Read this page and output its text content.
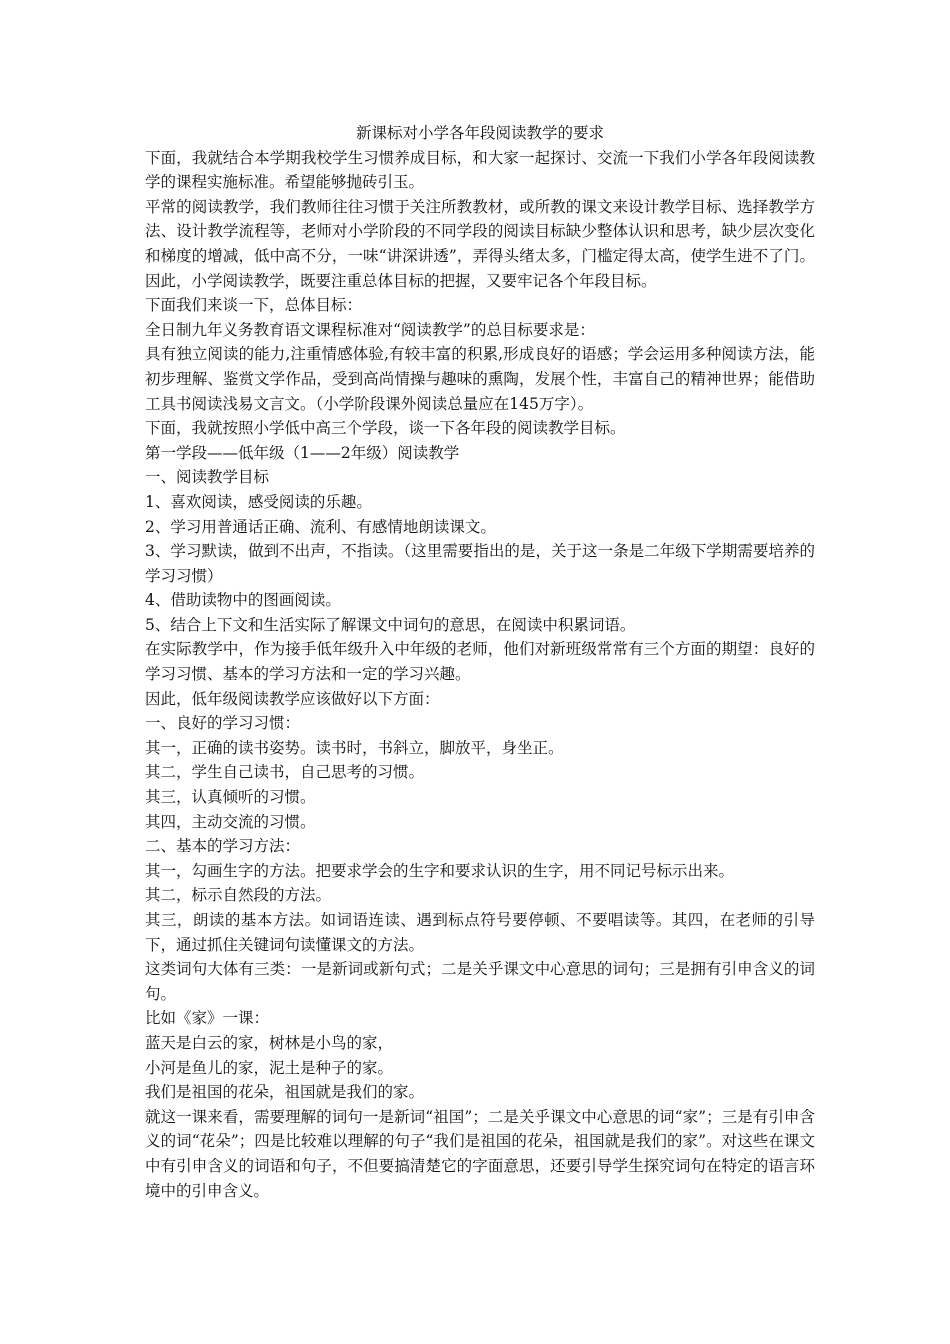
新课标对小学各年段阅读教学的要求

下面，我就结合本学期我校学生习惯养成目标，和大家一起探讨、交流一下我们小学各年段阅读教学的课程实施标准。希望能够抛砖引玉。

平常的阅读教学，我们教师往往习惯于关注所教教材，或所教的课文来设计教学目标、选择教学方法、设计教学流程等，老师对小学阶段的不同学段的阅读目标缺少整体认识和思考，缺少层次变化和梯度的增减，低中高不分，一味“讲深讲透”，弄得头绪太多，门槛定得太高，使学生进不了门。因此，小学阅读教学，既要注重总体目标的把握，又要牢记各个年段目标。

下面我们来谈一下，总体目标：

全日制九年义务教育语文课程标准对“阅读教学”的总目标要求是：

具有独立阅读的能力,注重情感体验,有较丰富的积累,形成良好的语感；学会运用多种阅读方法，能初步理解、鉴赏文学作品，受到高尚情操与趣味的熏陶，发展个性，丰富自己的精神世界；能借助工具书阅读浅易文言文。（小学阶段课外阅读总量应在145万字）。

下面，我就按照小学低中高三个学段，谈一下各年段的阅读教学目标。

第一学段——低年级（1——2年级）阅读教学

一、阅读教学目标

1、喜欢阅读，感受阅读的乐趣。

2、学习用普通话正确、流利、有感情地朗读课文。

3、学习默读，做到不出声，不指读。（这里需要指出的是，关于这一条是二年级下学期需要培养的学习习惯）

4、借助读物中的图画阅读。

5、结合上下文和生活实际了解课文中词句的意思，在阅读中积累词语。

在实际教学中，作为接手低年级升入中年级的老师，他们对新班级常常有三个方面的期望：良好的学习习惯、基本的学习方法和一定的学习兴趣。

因此，低年级阅读教学应该做好以下方面：

一、良好的学习习惯：

其一，正确的读书姿势。读书时，书斜立，脚放平，身坐正。

其二，学生自己读书，自己思考的习惯。

其三，认真倾听的习惯。

其四，主动交流的习惯。

二、基本的学习方法：

其一，勾画生字的方法。把要求学会的生字和要求认识的生字，用不同记号标示出来。

其二，标示自然段的方法。

其三，朗读的基本方法。如词语连读、遇到标点符号要停顿、不要唱读等。其四，在老师的引导下，通过抓住关键词句读懂课文的方法。

这类词句大体有三类：一是新词或新句式；二是关乎课文中心意思的词句；三是拥有引申含义的词句。

比如《家》一课：

蓝天是白云的家，树林是小鸟的家，

小河是鱼儿的家，泥土是种子的家。

我们是祖国的花朵，祖国就是我们的家。

就这一课来看，需要理解的词句一是新词“祖国”；二是关乎课文中心意思的词“家”；三是有引申含义的词“花朵”；四是比较难以理解的句子“我们是祖国的花朵，祖国就是我们的家”。对这些在课文中有引申含义的词语和句子，不但要搞清楚它的字面意思，还要引导学生探究词句在特定的语言环境中的引申含义。
